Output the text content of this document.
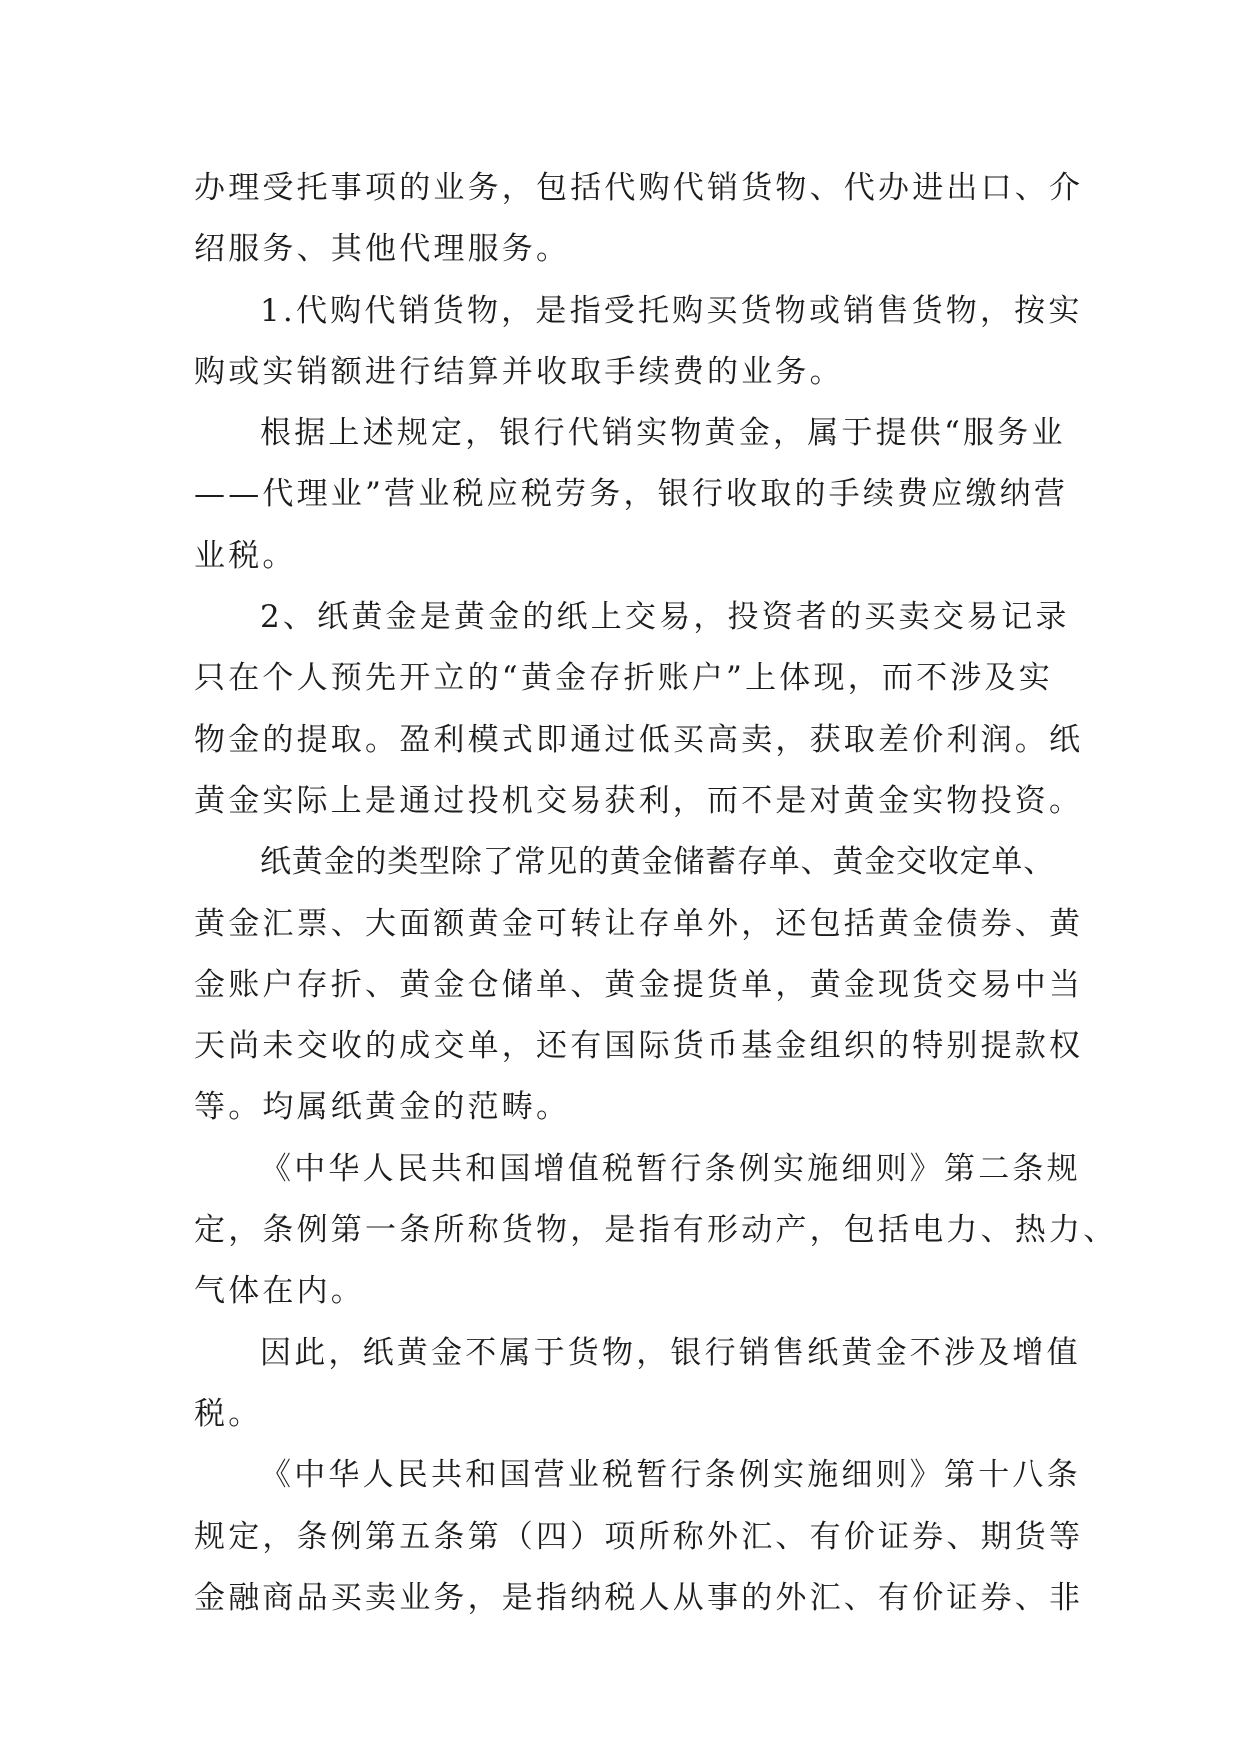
办理受托事项的业务，包括代购代销货物、代办进出口、介
绍服务、其他代理服务。

1.代购代销货物，是指受托购买货物或销售货物，按实
购或实销额进行结算并收取手续费的业务。

根据上述规定，银行代销实物黄金，属于提供“服务业
——代理业”营业税应税劳务，银行收取的手续费应缴纳营
业税。

2、纸黄金是黄金的纸上交易，投资者的买卖交易记录
只在个人预先开立的“黄金存折账户”上体现，而不涉及实
物金的提取。盈利模式即通过低买高卖，获取差价利润。纸
黄金实际上是通过投机交易获利，而不是对黄金实物投资。

纸黄金的类型除了常见的黄金储蓄存单、黄金交收定单、
黄金汇票、大面额黄金可转让存单外，还包括黄金债券、黄
金账户存折、黄金仓储单、黄金提货单，黄金现货交易中当
天尚未交收的成交单，还有国际货币基金组织的特别提款权
等。均属纸黄金的范畴。

《中华人民共和国增值税暂行条例实施细则》第二条规
定，条例第一条所称货物，是指有形动产，包括电力、热力、
气体在内。

因此，纸黄金不属于货物，银行销售纸黄金不涉及增值
税。

《中华人民共和国营业税暂行条例实施细则》第十八条
规定，条例第五条第（四）项所称外汇、有价证券、期货等
金融商品买卖业务，是指纳税人从事的外汇、有价证券、非
